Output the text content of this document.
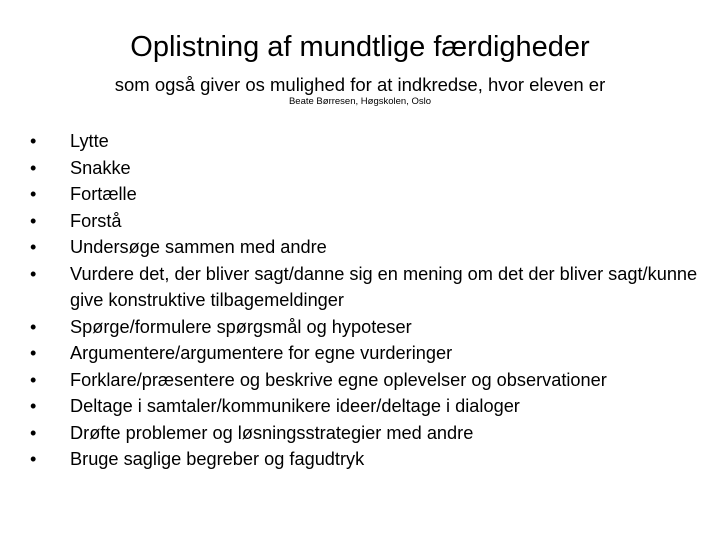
Oplistning af mundtlige færdigheder
som også giver os mulighed for at indkredse, hvor eleven er
Beate Børresen, Høgskolen, Oslo
•	Lytte
•	Snakke
•	Fortælle
•	Forstå
•	Undersøge sammen med andre
•	Vurdere det, der bliver sagt/danne sig en mening om det der bliver sagt/kunne give konstruktive tilbagemeldinger
•	Spørge/formulere spørgsmål og hypoteser
•	Argumentere/argumentere for egne vurderinger
•	Forklare/præsentere og beskrive egne oplevelser og observationer
•	Deltage i samtaler/kommunikere ideer/deltage i dialoger
•	Drøfte problemer og løsningsstrategier med andre
•	Bruge saglige begreber og fagudtryk
